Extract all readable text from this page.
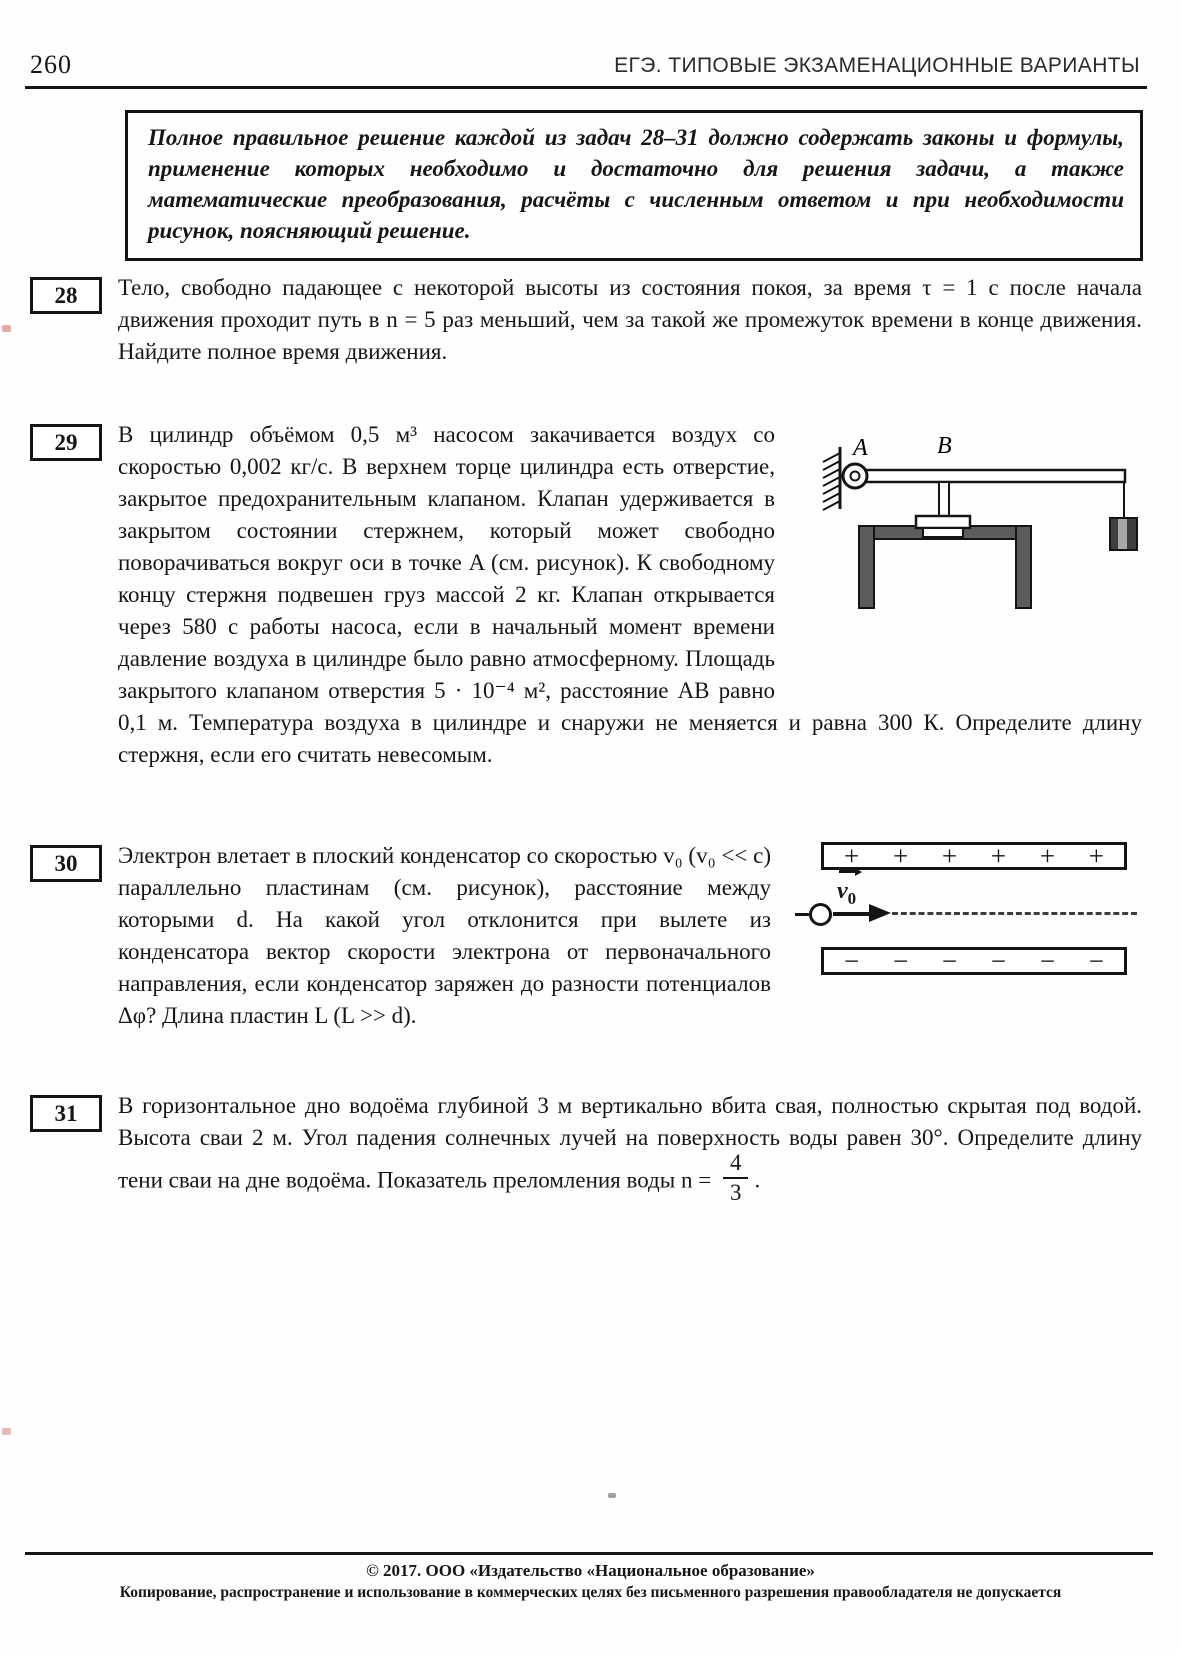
260	ЕГЭ. ТИПОВЫЕ ЭКЗАМЕНАЦИОННЫЕ ВАРИАНТЫ

Полное правильное решение каждой из задач 28–31 должно содержать законы и формулы, применение которых необходимо и достаточно для решения задачи, а также математические преобразования, расчёты с численным ответом и при необходимости рисунок, поясняющий решение.

28 Тело, свободно падающее с некоторой высоты из состояния покоя, за время τ = 1 с после начала движения проходит путь в n = 5 раз меньший, чем за такой же промежуток времени в конце движения. Найдите полное время движения.

29	A	B
В цилиндр объёмом 0,5 м³ насосом закачивается воздух со скоростью 0,002 кг/с. В верхнем торце цилиндра есть отверстие, закрытое предохранительным клапаном. Клапан удерживается в закрытом состоянии стержнем, который может свободно поворачиваться вокруг оси в точке A (см. рисунок). К свободному концу стержня подвешен груз массой 2 кг. Клапан открывается через 580 с работы насоса, если в начальный момент времени давление воздуха в цилиндре было равно атмосферному. Площадь закрытого клапаном отверстия 5 · 10⁻⁴ м², расстояние AB равно 0,1 м. Температура воздуха в цилиндре и снаружи не меняется и равна 300 К. Определите длину стержня, если его считать невесомым.
30	+ + + + + +
$v_0$
− − − − − −
Электрон влетает в плоский конденсатор со скоростью v₀ (v₀ << c) параллельно пластинам (см. рисунок), расстояние между которыми d. На какой угол отклонится при вылете из конденсатора вектор скорости электрона от первоначального направления, если конденсатор заряжен до разности потенциалов Δφ? Длина пластин L (L >> d).
31 В горизонтальное дно водоёма глубиной 3 м вертикально вбита свая, полностью скрытая под водой. Высота сваи 2 м. Угол падения солнечных лучей на поверхность воды равен 30°. Определите длину тени сваи на дне водоёма. Показатель преломления воды $n = \frac{4}{3}$ .

© 2017. ООО «Издательство «Национальное образование»
Копирование, распространение и использование в коммерческих целях без письменного разрешения правообладателя не допускается
